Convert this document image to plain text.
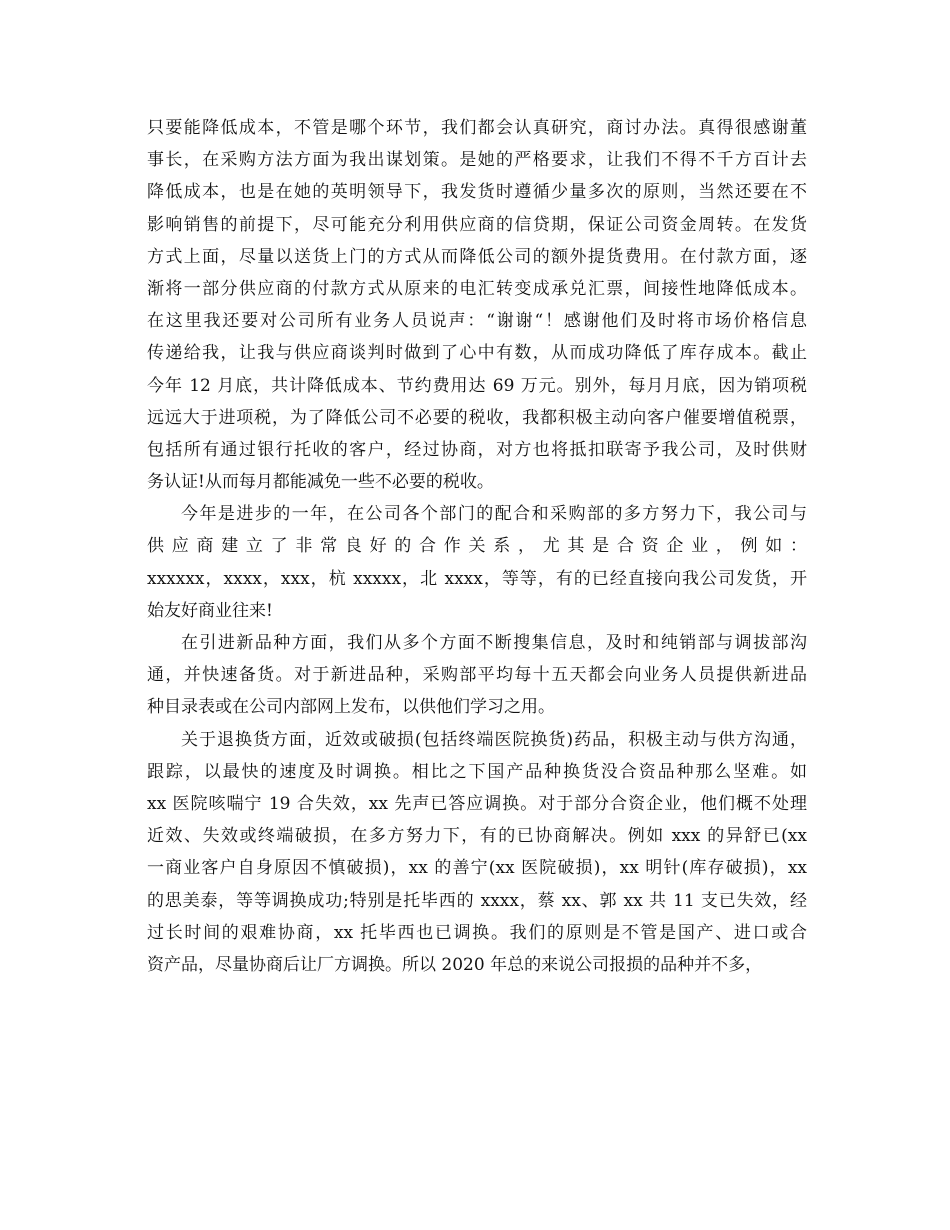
只要能降低成本，不管是哪个环节，我们都会认真研究，商讨办法。真得很感谢董
事长，在采购方法方面为我出谋划策。是她的严格要求，让我们不得不千方百计去
降低成本，也是在她的英明领导下，我发货时遵循少量多次的原则，当然还要在不
影响销售的前提下，尽可能充分利用供应商的信贷期，保证公司资金周转。在发货
方式上面，尽量以送货上门的方式从而降低公司的额外提货费用。在付款方面，逐
渐将一部分供应商的付款方式从原来的电汇转变成承兑汇票，间接性地降低成本。
在这里我还要对公司所有业务人员说声：“谢谢“！感谢他们及时将市场价格信息
传递给我，让我与供应商谈判时做到了心中有数，从而成功降低了库存成本。截止
今年 12 月底，共计降低成本、节约费用达 69 万元。别外，每月月底，因为销项税
远远大于进项税，为了降低公司不必要的税收，我都积极主动向客户催要增值税票，
包括所有通过银行托收的客户，经过协商，对方也将抵扣联寄予我公司，及时供财
务认证!从而每月都能减免一些不必要的税收。
今年是进步的一年，在公司各个部门的配合和采购部的多方努力下，我公司与
供应商建立了非常良好的合作关系，尤其是合资企业，例如：
xxxxxx，xxxx，xxx，杭 xxxxx，北 xxxx，等等，有的已经直接向我公司发货，开
始友好商业往来!
在引进新品种方面，我们从多个方面不断搜集信息，及时和纯销部与调拔部沟
通，并快速备货。对于新进品种，采购部平均每十五天都会向业务人员提供新进品
种目录表或在公司内部网上发布，以供他们学习之用。
关于退换货方面，近效或破损(包括终端医院换货)药品，积极主动与供方沟通，
跟踪，以最快的速度及时调换。相比之下国产品种换货没合资品种那么坚难。如
xx 医院咳喘宁 19 合失效，xx 先声已答应调换。对于部分合资企业，他们概不处理
近效、失效或终端破损，在多方努力下，有的已协商解决。例如 xxx 的异舒已(xx
一商业客户自身原因不慎破损)，xx 的善宁(xx 医院破损)，xx 明针(库存破损)，xx
的思美泰，等等调换成功;特别是托毕西的 xxxx，蔡 xx、郭 xx 共 11 支已失效，经
过长时间的艰难协商，xx 托毕西也已调换。我们的原则是不管是国产、进口或合
资产品，尽量协商后让厂方调换。所以 2020 年总的来说公司报损的品种并不多，
